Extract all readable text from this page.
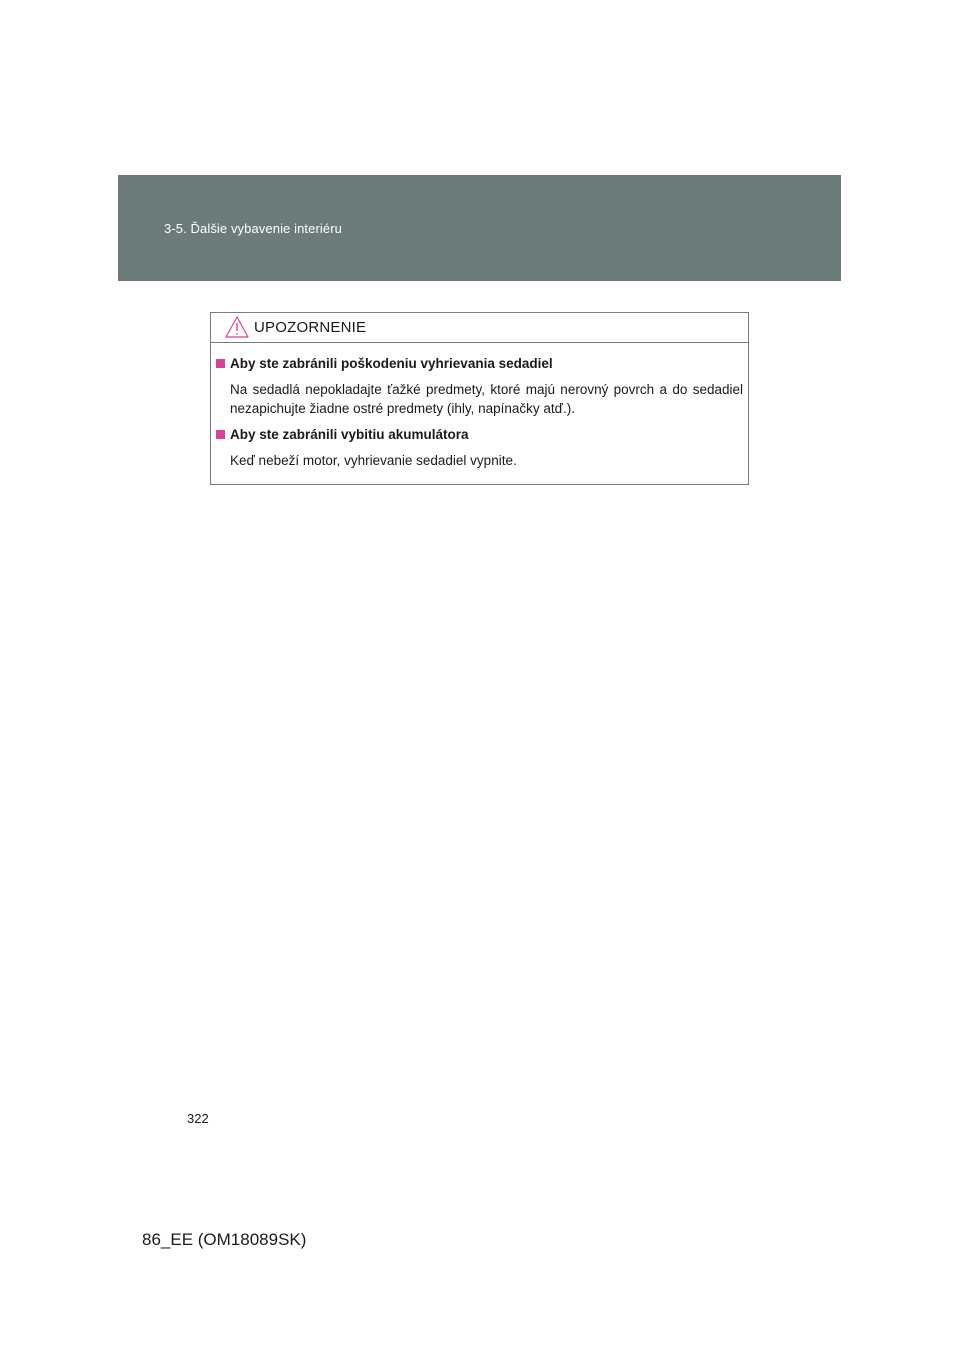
3-5. Ďalšie vybavenie interiéru
UPOZORNENIE
Aby ste zabránili poškodeniu vyhrievania sedadiel
Na sedadlá nepokladajte ťažké predmety, ktoré majú nerovný povrch a do sedadiel nezapichujte žiadne ostré predmety (ihly, napínačky atď.).
Aby ste zabránili vybitiu akumulátora
Keď nebeží motor, vyhrievanie sedadiel vypnite.
322
86_EE (OM18089SK)
